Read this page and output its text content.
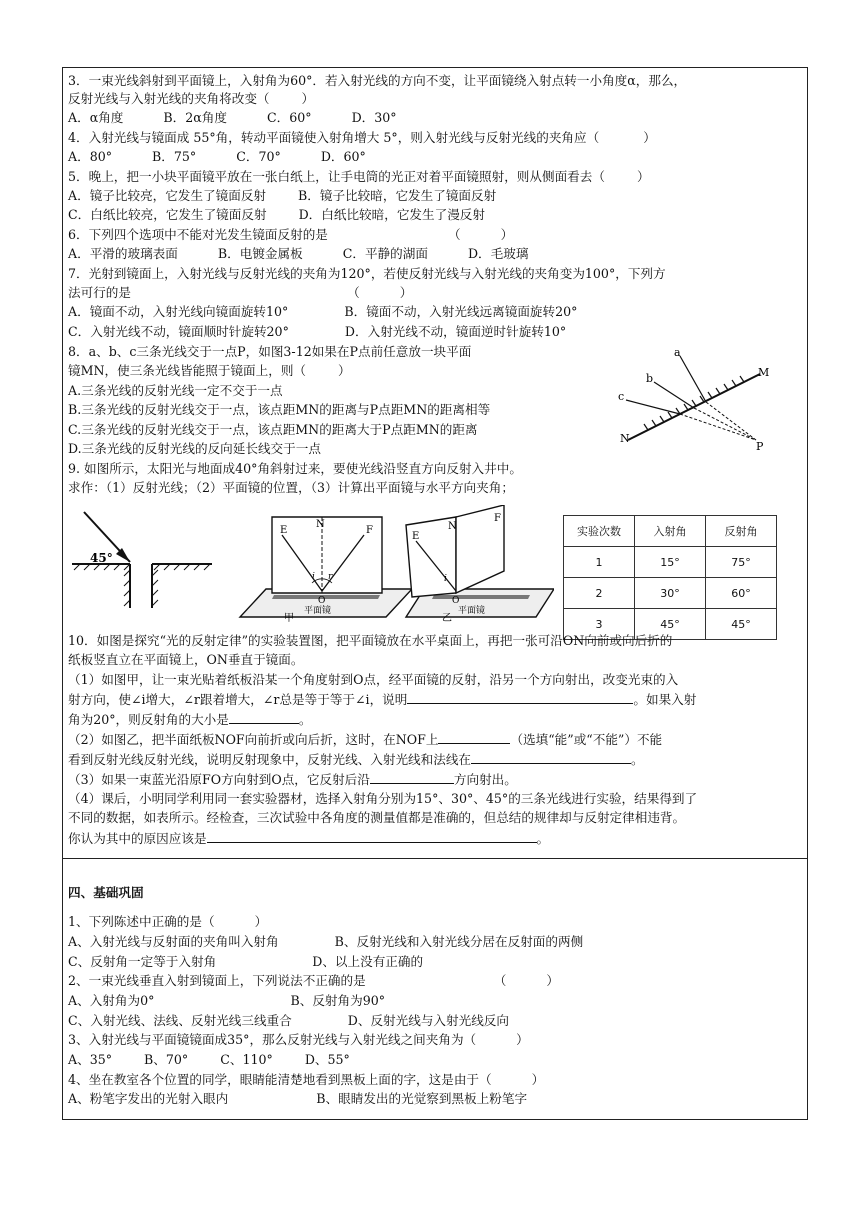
3．一束光线斜射到平面镜上，入射角为60°．若入射光线的方向不变，让平面镜绕入射点转一小角度α，那么，
反射光线与入射光线的夹角将改变（        ）
A．α角度          B．2α角度          C．60°          D．30°
4．入射光线与镜面成 55°角，转动平面镜使入射角增大 5°，则入射光线与反射光线的夹角应（           ）
A．80°          B．75°          C．70°          D．60°
5．晚上，把一小块平面镜平放在一张白纸上，让手电筒的光正对着平面镜照射，则从侧面看去（        ）
A．镜子比较亮，它发生了镜面反射        B．镜子比较暗，它发生了镜面反射
C．白纸比较亮，它发生了镜面反射        D．白纸比较暗，它发生了漫反射
6．下列四个选项中不能对光发生镜面反射的是                              （          ）
A．平滑的玻璃表面          B．电镀金属板          C．平静的湖面          D．毛玻璃
7．光射到镜面上，入射光线与反射光线的夹角为120°，若使反射光线与入射光线的夹角变为100°，下列方
法可行的是                                                      （          ）
A．镜面不动，入射光线向镜面旋转10°              B．镜面不动，入射光线远离镜面旋转20°
C．入射光线不动，镜面顺时针旋转20°              D．入射光线不动，镜面逆时针旋转10°
8．a、b、c三条光线交于一点P，如图3-12如果在P点前任意放一块平面
镜MN，使三条光线皆能照于镜面上，则（        ）
A.三条光线的反射光线一定不交于一点
B.三条光线的反射光线交于一点，该点距MN的距离与P点距MN的距离相等
C.三条光线的反射光线交于一点，该点距MN的距离大于P点距MN的距离
D.三条光线的反射光线的反向延长线交于一点
a
b
c
M
N
P
9. 如图所示，太阳光与地面成40°角斜射过来，要使光线沿竖直方向反射入井中。
求作：（1）反射光线；（2）平面镜的位置，（3）计算出平面镜与水平方向夹角；
45°
E
N
F
i r
O
平面镜
甲
E
N
F
i
O
平面镜
乙
实验次数	入射角	反射角
1	15°	75°
2	30°	60°
3	45°	45°
10．如图是探究“光的反射定律”的实验装置图，把平面镜放在水平桌面上，再把一张可沿ON向前或向后折的
纸板竖直立在平面镜上，ON垂直于镜面。
（1）如图甲，让一束光贴着纸板沿某一个角度射到O点，经平面镜的反射，沿另一个方向射出，改变光束的入
射方向，使∠i增大，∠r跟着增大，∠r总是等于等于∠i，说明	。如果入射
角为20°，则反射角的大小是	。
（2）如图乙，把半面纸板NOF向前折或向后折，这时，在NOF上	（选填“能”或“不能”）不能
看到反射光线反射光线，说明反射现象中，反射光线、入射光线和法线在	。
（3）如果一束蓝光沿原FO方向射到O点，它反射后沿	方向射出。
（4）课后，小明同学利用同一套实验器材，选择入射角分别为15°、30°、45°的三条光线进行实验，结果得到了
不同的数据，如表所示。经检查，三次试验中各角度的测量值都是准确的，但总结的规律却与反射定律相违背。
你认为其中的原因应该是	。
四、基础巩固
1、下列陈述中正确的是（          ）
A、入射光线与反射面的夹角叫入射角              B、反射光线和入射光线分居在反射面的两侧
C、反射角一定等于入射角                        D、以上没有正确的
2、一束光线垂直入射到镜面上，下列说法不正确的是                                （          ）
A、入射角为0°                                  B、反射角为90°
C、入射光线、法线、反射光线三线重合              D、反射光线与入射光线反向
3、入射光线与平面镜镜面成35°，那么反射光线与入射光线之间夹角为（          ）
A、35°        B、70°        C、110°        D、55°
4、坐在教室各个位置的同学，眼睛能清楚地看到黑板上面的字，这是由于（          ）
A、粉笔字发出的光射入眼内                      B、眼睛发出的光觉察到黑板上粉笔字
